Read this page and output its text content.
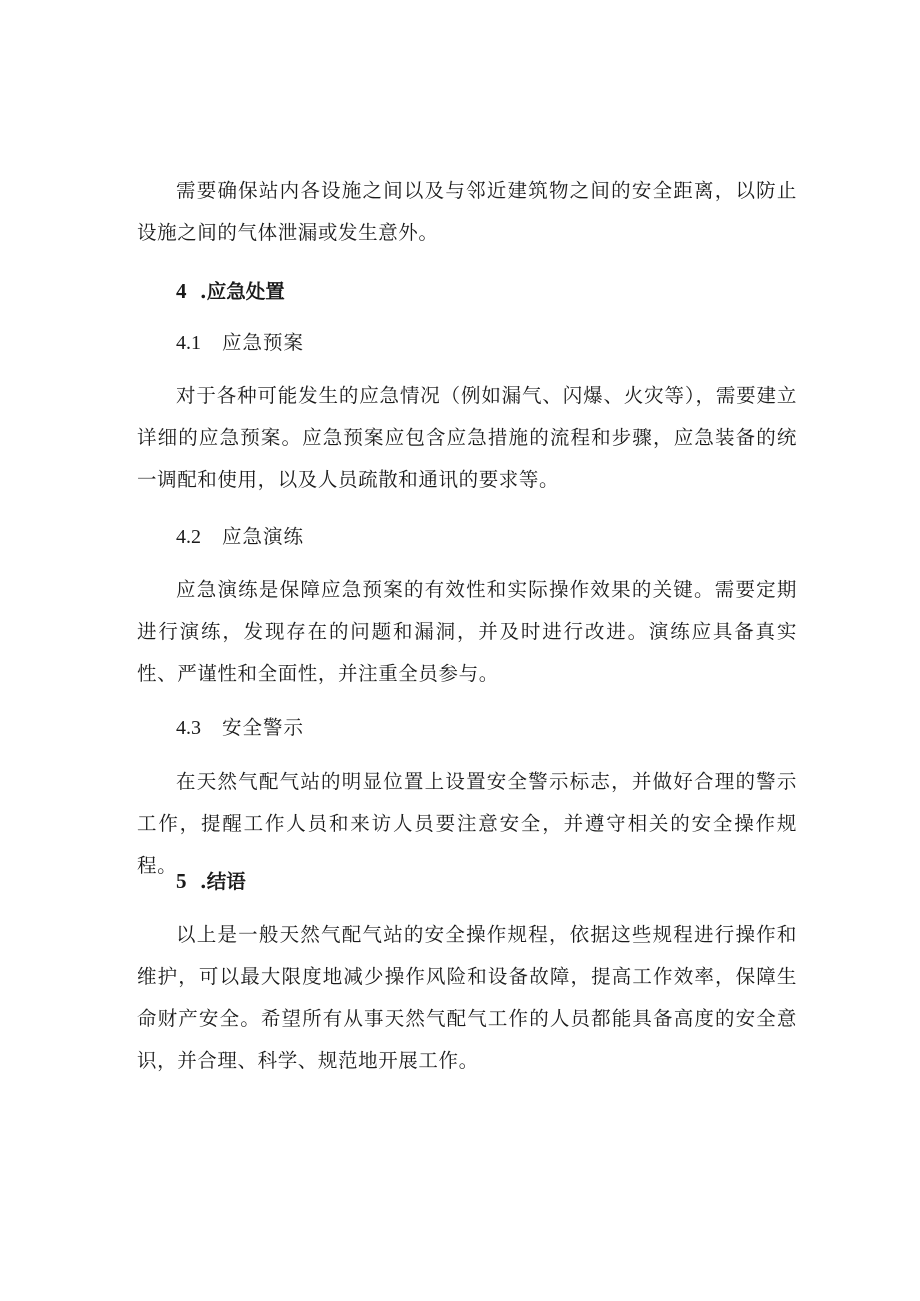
需要确保站内各设施之间以及与邻近建筑物之间的安全距离，以防止设施之间的气体泄漏或发生意外。

4 .应急处置
4.1 应急预案

对于各种可能发生的应急情况（例如漏气、闪爆、火灾等），需要建立详细的应急预案。应急预案应包含应急措施的流程和步骤，应急装备的统一调配和使用，以及人员疏散和通讯的要求等。

4.2 应急演练

应急演练是保障应急预案的有效性和实际操作效果的关键。需要定期进行演练，发现存在的问题和漏洞，并及时进行改进。演练应具备真实性、严谨性和全面性，并注重全员参与。

4.3 安全警示

在天然气配气站的明显位置上设置安全警示标志，并做好合理的警示工作，提醒工作人员和来访人员要注意安全，并遵守相关的安全操作规程。

5 .结语

以上是一般天然气配气站的安全操作规程，依据这些规程进行操作和维护，可以最大限度地减少操作风险和设备故障，提高工作效率，保障生命财产安全。希望所有从事天然气配气工作的人员都能具备高度的安全意识，并合理、科学、规范地开展工作。
